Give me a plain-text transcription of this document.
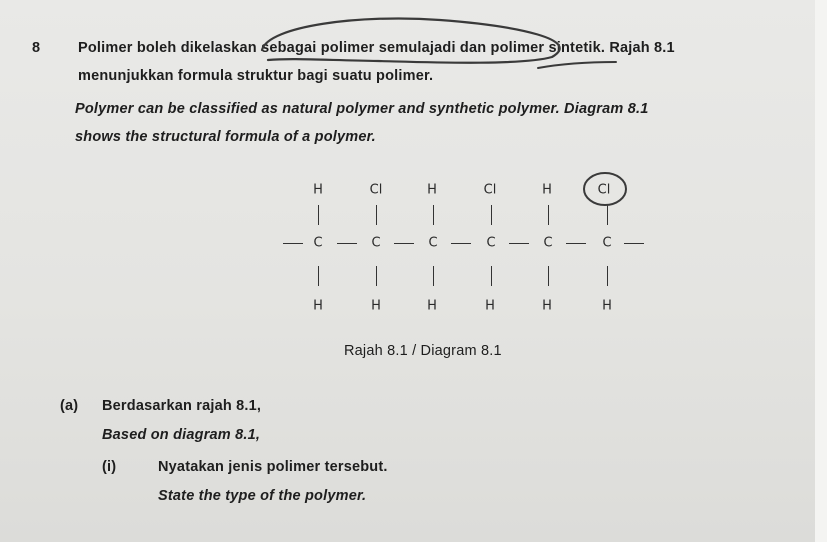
8	Polimer boleh dikelaskan sebagai polimer semulajadi dan polimer sintetik. Rajah 8.1
menunjukkan formula struktur bagi suatu polimer.
Polymer can be classified as natural polymer and synthetic polymer. Diagram 8.1
shows the structural formula of a polymer.
H	Cl	H	Cl	H	Cl
C	C	C	C	C	C
H	H	H	H	H	H
Rajah 8.1 / Diagram 8.1
(a) Berdasarkan rajah 8.1,
Based on diagram 8.1,
(i)	Nyatakan jenis polimer tersebut.
State the type of the polymer.
